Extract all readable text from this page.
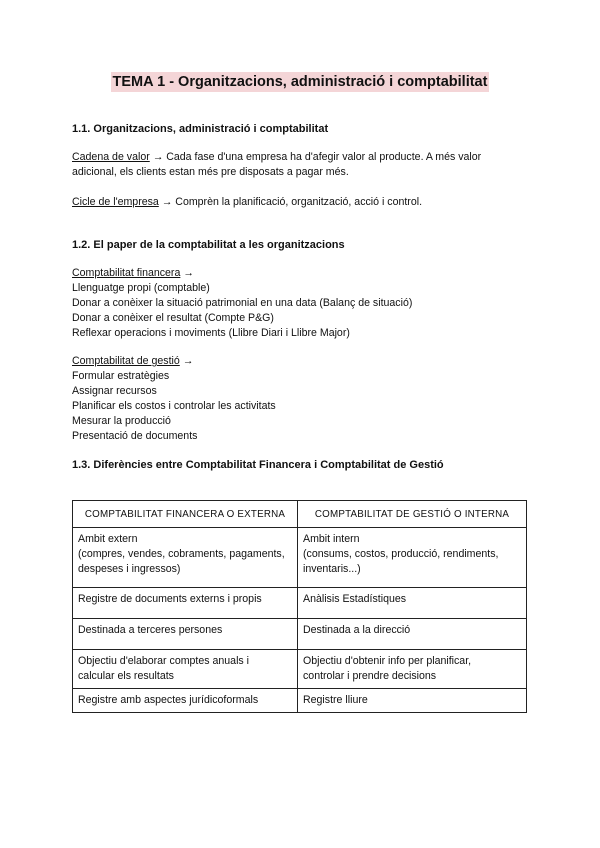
TEMA 1 - Organitzacions, administració i comptabilitat
1.1. Organitzacions, administració i comptabilitat
Cadena de valor → Cada fase d'una empresa ha d'afegir valor al producte. A més valor adicional, els clients estan més pre disposats a pagar més.
Cicle de l'empresa → Comprèn la planificació, organització, acció i control.
1.2. El paper de la comptabilitat a les organitzacions
Comptabilitat financera →
Llenguatge propi (comptable)
Donar a conèixer la situació patrimonial en una data (Balanç de situació)
Donar a conèixer el resultat (Compte P&G)
Reflexar operacions i moviments (Llibre Diari i Llibre Major)
Comptabilitat de gestió →
Formular estratègies
Assignar recursos
Planificar els costos i controlar les activitats
Mesurar la producció
Presentació de documents
1.3. Diferències entre Comptabilitat Financera i Comptabilitat de Gestió
COMPTABILITAT FINANCERA O EXTERNA	COMPTABILITAT DE GESTIÓ O INTERNA

Ambit extern
(compres, vendes, cobraments, pagaments,
despeses i ingressos)	Ambit intern
(consums, costos, producció, rendiments,
inventaris...)

Registre de documents externs i propis	Anàlisis Estadístiques

Destinada a terceres persones	Destinada a la direcció

Objectiu d'elaborar comptes anuals i
calcular els resultats	Objectiu d'obtenir info per planificar,
controlar i prendre decisions

Registre amb aspectes jurídicoformals	Registre lliure
